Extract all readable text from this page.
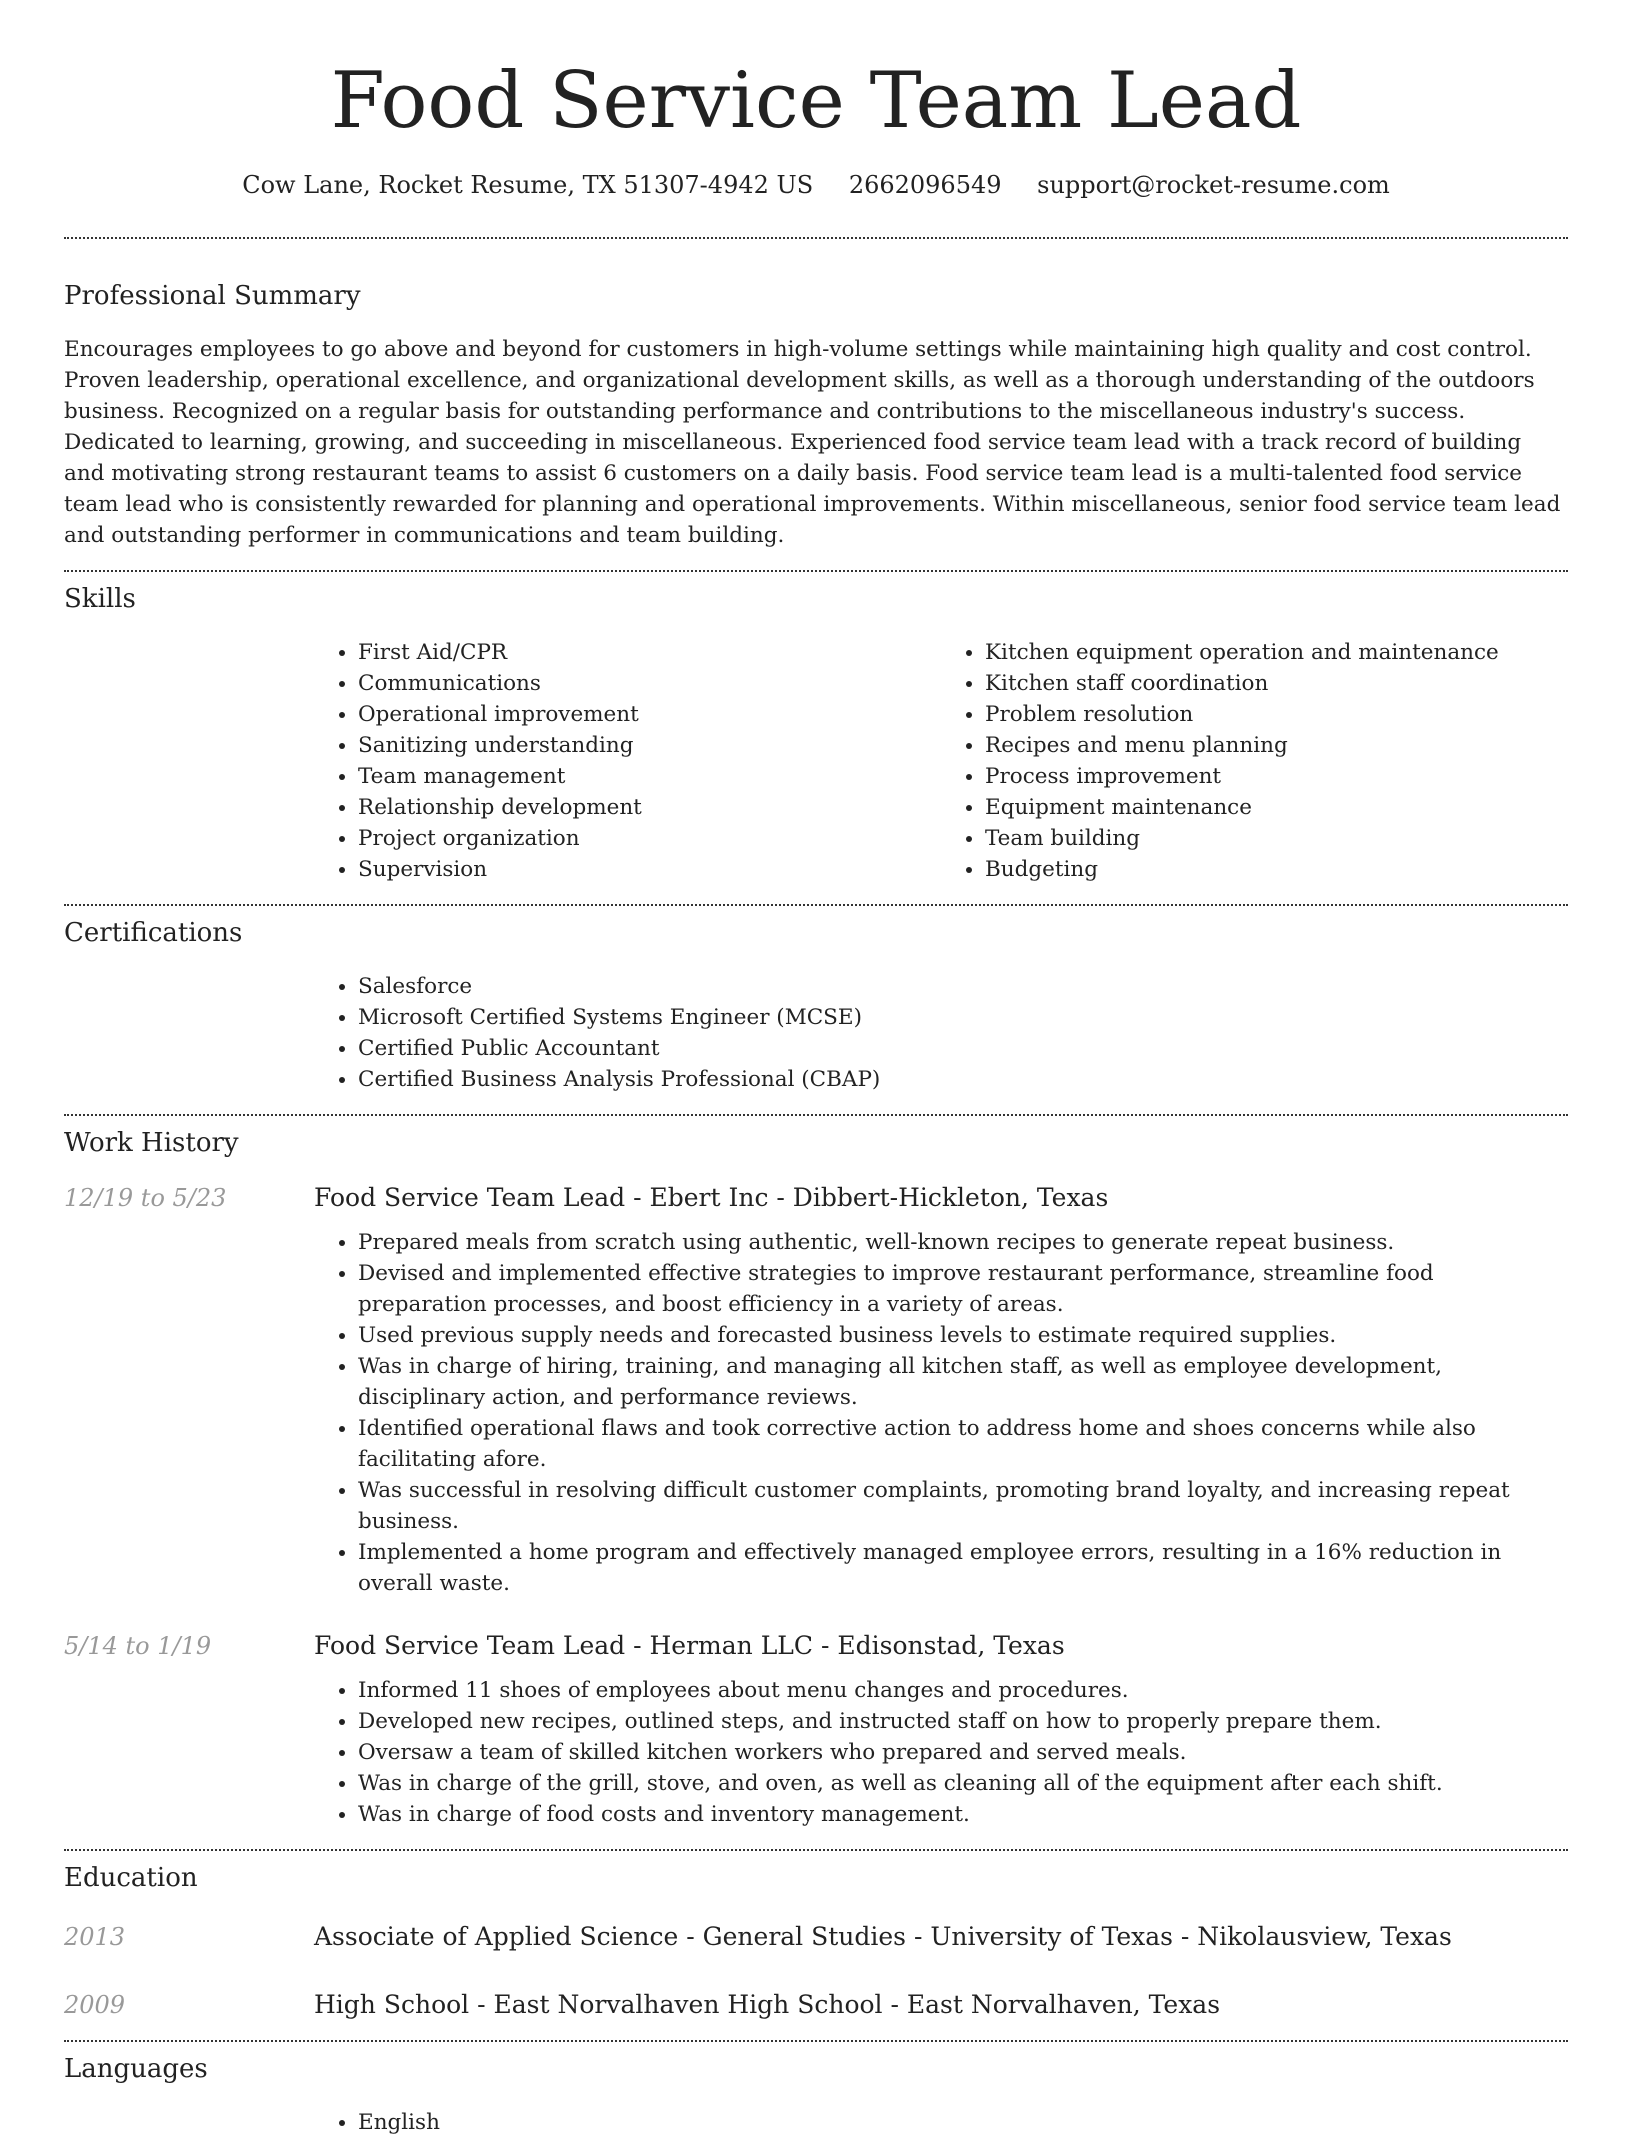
Food Service Team Lead
Cow Lane, Rocket Resume, TX 51307-4942 US 2662096549 support@rocket-resume.com
Professional Summary

Encourages employees to go above and beyond for customers in high-volume settings while maintaining high quality and cost control. Proven leadership, operational excellence, and organizational development skills, as well as a thorough understanding of the outdoors business. Recognized on a regular basis for outstanding performance and contributions to the miscellaneous industry's success. Dedicated to learning, growing, and succeeding in miscellaneous. Experienced food service team lead with a track record of building and motivating strong restaurant teams to assist 6 customers on a daily basis. Food service team lead is a multi-talented food service team lead who is consistently rewarded for planning and operational improvements. Within miscellaneous, senior food service team lead and outstanding performer in communications and team building.

Skills
• First Aid/CPR
• Communications
• Operational improvement
• Sanitizing understanding
• Team management
• Relationship development
• Project organization
• Supervision
• Kitchen equipment operation and maintenance
• Kitchen staff coordination
• Problem resolution
• Recipes and menu planning
• Process improvement
• Equipment maintenance
• Team building
• Budgeting
Certifications
• Salesforce
• Microsoft Certified Systems Engineer (MCSE)
• Certified Public Accountant
• Certified Business Analysis Professional (CBAP)
Work History
12/19 to 5/23	Food Service Team Lead - Ebert Inc - Dibbert-Hickleton, Texas
• Prepared meals from scratch using authentic, well-known recipes to generate repeat business.
• Devised and implemented effective strategies to improve restaurant performance, streamline food preparation processes, and boost efficiency in a variety of areas.
• Used previous supply needs and forecasted business levels to estimate required supplies.
• Was in charge of hiring, training, and managing all kitchen staff, as well as employee development, disciplinary action, and performance reviews.
• Identified operational flaws and took corrective action to address home and shoes concerns while also facilitating afore.
• Was successful in resolving difficult customer complaints, promoting brand loyalty, and increasing repeat business.
• Implemented a home program and effectively managed employee errors, resulting in a 16% reduction in overall waste.
5/14 to 1/19	Food Service Team Lead - Herman LLC - Edisonstad, Texas
• Informed 11 shoes of employees about menu changes and procedures.
• Developed new recipes, outlined steps, and instructed staff on how to properly prepare them.
• Oversaw a team of skilled kitchen workers who prepared and served meals.
• Was in charge of the grill, stove, and oven, as well as cleaning all of the equipment after each shift.
• Was in charge of food costs and inventory management.
Education
2013	Associate of Applied Science - General Studies - University of Texas - Nikolausview, Texas
2009	High School - East Norvalhaven High School - East Norvalhaven, Texas
Languages
• English
